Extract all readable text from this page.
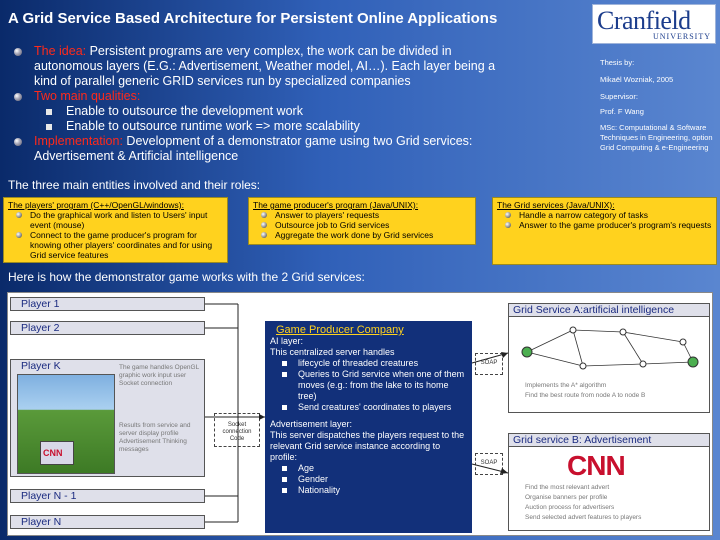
A Grid Service Based Architecture for Persistent Online Applications	Cranfield
UNIVERSITY
The idea: Persistent programs are very complex, the work can be divided in autonomous layers (E.G.: Advertisement, Weather model, AI…). Each layer being a kind of parallel generic GRID services run by specialized companies
Two main qualities:
Enable to outsource the development work
Enable to outsource runtime work => more scalability
Implementation: Development of a demonstrator game using two Grid services: Advertisement & Artificial intelligence
Thesis by:
Mikaël Wozniak, 2005
Supervisor:
Prof. F Wang
MSc: Computational & Software Techniques in Engineering, option Grid Computing & e-Engineering
The three main entities involved and their roles:
The players' program (C++/OpenGL/windows):
Do the graphical work and listen to Users' input event (mouse)
Connect to the game producer's program for knowing other players' coordinates and for using Grid service features
The game producer's program (Java/UNIX):
Answer to players' requests
Outsource job to Grid services
Aggregate the work done by Grid services
The Grid services (Java/UNIX):
Handle a narrow category of tasks
Answer to the game producer's program's requests
Here is how the demonstrator game works with the 2 Grid services:
Player 1
Player 2
Player K
CNN
The game handles OpenGL graphic work input user Socket connection
Results from service and server display profile Advertisement Thinking messages
Player N - 1
Player N
Socket connection Code
Game Producer Company
AI layer:
This centralized server handles
lifecycle of threaded creatures
Queries to Grid service when one of them moves (e.g.: from the lake to its home tree)
Send creatures' coordinates to players
Advertisement layer:
This server dispatches the players request to the relevant Grid service instance according to profile:
Age
Gender
Nationality
SOAP
SOAP
Grid Service A:artificial intelligence
Implements the A* algorithm
Find the best route from node A to node B
Grid service B: Advertisement
CNN
Find the most relevant advert
Organise banners per profile
Auction process for advertisers
Send selected advert features to players
